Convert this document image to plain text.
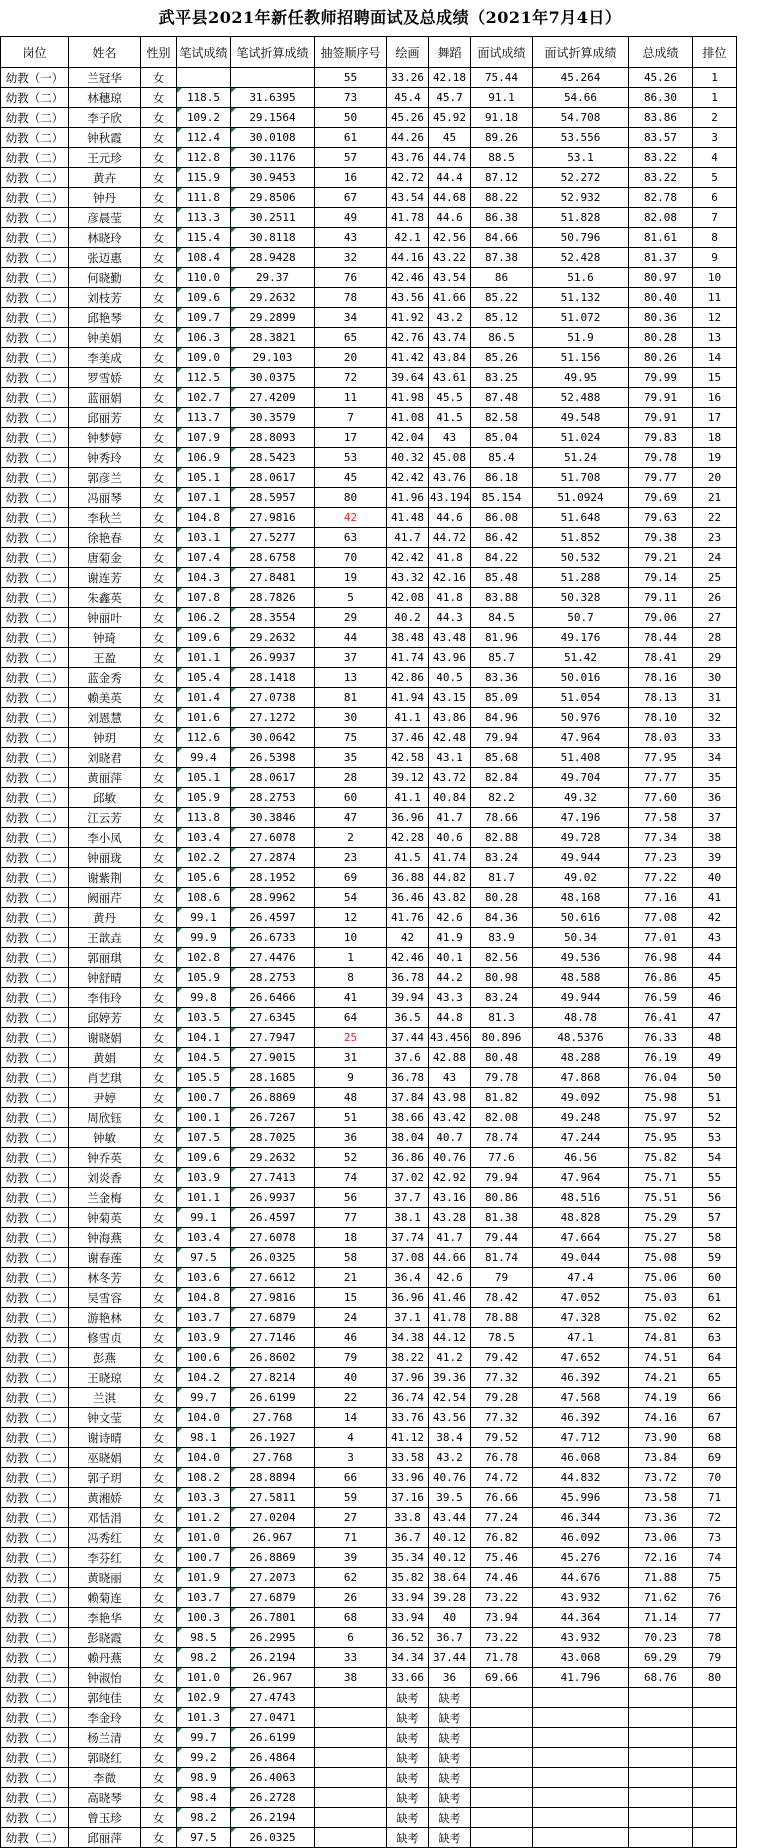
武平县2021年新任教师招聘面试及总成绩（2021年7月4日）
岗位	姓名	性别	笔试成绩	笔试折算成绩	抽签顺序号	绘画	舞蹈	面试成绩	面试折算成绩	总成绩	排位
幼教（一）	兰冠华	女			55	33.26	42.18	75.44	45.264	45.26	1
幼教（二）	林穗琼	女	118.5	31.6395	73	45.4	45.7	91.1	54.66	86.30	1
幼教（二）	李子欣	女	109.2	29.1564	50	45.26	45.92	91.18	54.708	83.86	2
幼教（二）	钟秋霞	女	112.4	30.0108	61	44.26	45	89.26	53.556	83.57	3
幼教（二）	王元珍	女	112.8	30.1176	57	43.76	44.74	88.5	53.1	83.22	4
幼教（二）	黄卉	女	115.9	30.9453	16	42.72	44.4	87.12	52.272	83.22	5
幼教（二）	钟丹	女	111.8	29.8506	67	43.54	44.68	88.22	52.932	82.78	6
幼教（二）	彦晨莹	女	113.3	30.2511	49	41.78	44.6	86.38	51.828	82.08	7
幼教（二）	林晓玲	女	115.4	30.8118	43	42.1	42.56	84.66	50.796	81.61	8
幼教（二）	张迈惠	女	108.4	28.9428	32	44.16	43.22	87.38	52.428	81.37	9
幼教（二）	何晓勤	女	110.0	29.37	76	42.46	43.54	86	51.6	80.97	10
幼教（二）	刘枝芳	女	109.6	29.2632	78	43.56	41.66	85.22	51.132	80.40	11
幼教（二）	邱艳琴	女	109.7	29.2899	34	41.92	43.2	85.12	51.072	80.36	12
幼教（二）	钟美娟	女	106.3	28.3821	65	42.76	43.74	86.5	51.9	80.28	13
幼教（二）	李美成	女	109.0	29.103	20	41.42	43.84	85.26	51.156	80.26	14
幼教（二）	罗雪娇	女	112.5	30.0375	72	39.64	43.61	83.25	49.95	79.99	15
幼教（二）	蓝丽娟	女	102.7	27.4209	11	41.98	45.5	87.48	52.488	79.91	16
幼教（二）	邱丽芳	女	113.7	30.3579	7	41.08	41.5	82.58	49.548	79.91	17
幼教（二）	钟梦婷	女	107.9	28.8093	17	42.04	43	85.04	51.024	79.83	18
幼教（二）	钟秀玲	女	106.9	28.5423	53	40.32	45.08	85.4	51.24	79.78	19
幼教（二）	郭彦兰	女	105.1	28.0617	45	42.42	43.76	86.18	51.708	79.77	20
幼教（二）	冯丽琴	女	107.1	28.5957	80	41.96	43.194	85.154	51.0924	79.69	21
幼教（二）	李秋兰	女	104.8	27.9816	42	41.48	44.6	86.08	51.648	79.63	22
幼教（二）	徐艳春	女	103.1	27.5277	63	41.7	44.72	86.42	51.852	79.38	23
幼教（二）	唐菊金	女	107.4	28.6758	70	42.42	41.8	84.22	50.532	79.21	24
幼教（二）	谢连芳	女	104.3	27.8481	19	43.32	42.16	85.48	51.288	79.14	25
幼教（二）	朱鑫英	女	107.8	28.7826	5	42.08	41.8	83.88	50.328	79.11	26
幼教（二）	钟丽叶	女	106.2	28.3554	29	40.2	44.3	84.5	50.7	79.06	27
幼教（二）	钟琦	女	109.6	29.2632	44	38.48	43.48	81.96	49.176	78.44	28
幼教（二）	王盈	女	101.1	26.9937	37	41.74	43.96	85.7	51.42	78.41	29
幼教（二）	蓝金秀	女	105.4	28.1418	13	42.86	40.5	83.36	50.016	78.16	30
幼教（二）	赖美英	女	101.4	27.0738	81	41.94	43.15	85.09	51.054	78.13	31
幼教（二）	刘恩慧	女	101.6	27.1272	30	41.1	43.86	84.96	50.976	78.10	32
幼教（二）	钟玥	女	112.6	30.0642	75	37.46	42.48	79.94	47.964	78.03	33
幼教（二）	刘晓君	女	99.4	26.5398	35	42.58	43.1	85.68	51.408	77.95	34
幼教（二）	黄丽萍	女	105.1	28.0617	28	39.12	43.72	82.84	49.704	77.77	35
幼教（二）	邱敏	女	105.9	28.2753	60	41.1	40.84	82.2	49.32	77.60	36
幼教（二）	江云芳	女	113.8	30.3846	47	36.96	41.7	78.66	47.196	77.58	37
幼教（二）	李小凤	女	103.4	27.6078	2	42.28	40.6	82.88	49.728	77.34	38
幼教（二）	钟丽珑	女	102.2	27.2874	23	41.5	41.74	83.24	49.944	77.23	39
幼教（二）	谢紫荆	女	105.6	28.1952	69	36.88	44.82	81.7	49.02	77.22	40
幼教（二）	阙丽芹	女	108.6	28.9962	54	36.46	43.82	80.28	48.168	77.16	41
幼教（二）	黄丹	女	99.1	26.4597	12	41.76	42.6	84.36	50.616	77.08	42
幼教（二）	王歆垚	女	99.9	26.6733	10	42	41.9	83.9	50.34	77.01	43
幼教（二）	郭丽琪	女	102.8	27.4476	1	42.46	40.1	82.56	49.536	76.98	44
幼教（二）	钟舒晴	女	105.9	28.2753	8	36.78	44.2	80.98	48.588	76.86	45
幼教（二）	李伟玲	女	99.8	26.6466	41	39.94	43.3	83.24	49.944	76.59	46
幼教（二）	邱婷芳	女	103.5	27.6345	64	36.5	44.8	81.3	48.78	76.41	47
幼教（二）	谢晓娟	女	104.1	27.7947	25	37.44	43.456	80.896	48.5376	76.33	48
幼教（二）	黄娟	女	104.5	27.9015	31	37.6	42.88	80.48	48.288	76.19	49
幼教（二）	肖艺琪	女	105.5	28.1685	9	36.78	43	79.78	47.868	76.04	50
幼教（二）	尹婷	女	100.7	26.8869	48	37.84	43.98	81.82	49.092	75.98	51
幼教（二）	周欣钰	女	100.1	26.7267	51	38.66	43.42	82.08	49.248	75.97	52
幼教（二）	钟敏	女	107.5	28.7025	36	38.04	40.7	78.74	47.244	75.95	53
幼教（二）	钟乔英	女	109.6	29.2632	52	36.86	40.76	77.6	46.56	75.82	54
幼教（二）	刘炎香	女	103.9	27.7413	74	37.02	42.92	79.94	47.964	75.71	55
幼教（二）	兰金梅	女	101.1	26.9937	56	37.7	43.16	80.86	48.516	75.51	56
幼教（二）	钟菊英	女	99.1	26.4597	77	38.1	43.28	81.38	48.828	75.29	57
幼教（二）	钟海燕	女	103.4	27.6078	18	37.74	41.7	79.44	47.664	75.27	58
幼教（二）	谢春莲	女	97.5	26.0325	58	37.08	44.66	81.74	49.044	75.08	59
幼教（二）	林冬芳	女	103.6	27.6612	21	36.4	42.6	79	47.4	75.06	60
幼教（二）	吴雪容	女	104.8	27.9816	15	36.96	41.46	78.42	47.052	75.03	61
幼教（二）	游艳林	女	103.7	27.6879	24	37.1	41.78	78.88	47.328	75.02	62
幼教（二）	修雪贞	女	103.9	27.7146	46	34.38	44.12	78.5	47.1	74.81	63
幼教（二）	彭燕	女	100.6	26.8602	79	38.22	41.2	79.42	47.652	74.51	64
幼教（二）	王晓琼	女	104.2	27.8214	40	37.96	39.36	77.32	46.392	74.21	65
幼教（二）	兰淇	女	99.7	26.6199	22	36.74	42.54	79.28	47.568	74.19	66
幼教（二）	钟文莹	女	104.0	27.768	14	33.76	43.56	77.32	46.392	74.16	67
幼教（二）	谢诗晴	女	98.1	26.1927	4	41.12	38.4	79.52	47.712	73.90	68
幼教（二）	巫晓娟	女	104.0	27.768	3	33.58	43.2	76.78	46.068	73.84	69
幼教（二）	郭子玥	女	108.2	28.8894	66	33.96	40.76	74.72	44.832	73.72	70
幼教（二）	黄湘娇	女	103.3	27.5811	59	37.16	39.5	76.66	45.996	73.58	71
幼教（二）	邓恬涓	女	101.2	27.0204	27	33.8	43.44	77.24	46.344	73.36	72
幼教（二）	冯秀红	女	101.0	26.967	71	36.7	40.12	76.82	46.092	73.06	73
幼教（二）	李芬红	女	100.7	26.8869	39	35.34	40.12	75.46	45.276	72.16	74
幼教（二）	黄晓丽	女	101.9	27.2073	62	35.82	38.64	74.46	44.676	71.88	75
幼教（二）	赖菊连	女	103.7	27.6879	26	33.94	39.28	73.22	43.932	71.62	76
幼教（二）	李艳华	女	100.3	26.7801	68	33.94	40	73.94	44.364	71.14	77
幼教（二）	彭晓霞	女	98.5	26.2995	6	36.52	36.7	73.22	43.932	70.23	78
幼教（二）	赖丹燕	女	98.2	26.2194	33	34.34	37.44	71.78	43.068	69.29	79
幼教（二）	钟淑怡	女	101.0	26.967	38	33.66	36	69.66	41.796	68.76	80
幼教（二）	郭纯佳	女	102.9	27.4743		缺考	缺考				
幼教（二）	李金玲	女	101.3	27.0471		缺考	缺考				
幼教（二）	杨兰清	女	99.7	26.6199		缺考	缺考				
幼教（二）	郭晓红	女	99.2	26.4864		缺考	缺考				
幼教（二）	李微	女	98.9	26.4063		缺考	缺考				
幼教（二）	高晓琴	女	98.4	26.2728		缺考	缺考				
幼教（二）	曾玉珍	女	98.2	26.2194		缺考	缺考				
幼教（二）	邱丽萍	女	97.5	26.0325		缺考	缺考				
